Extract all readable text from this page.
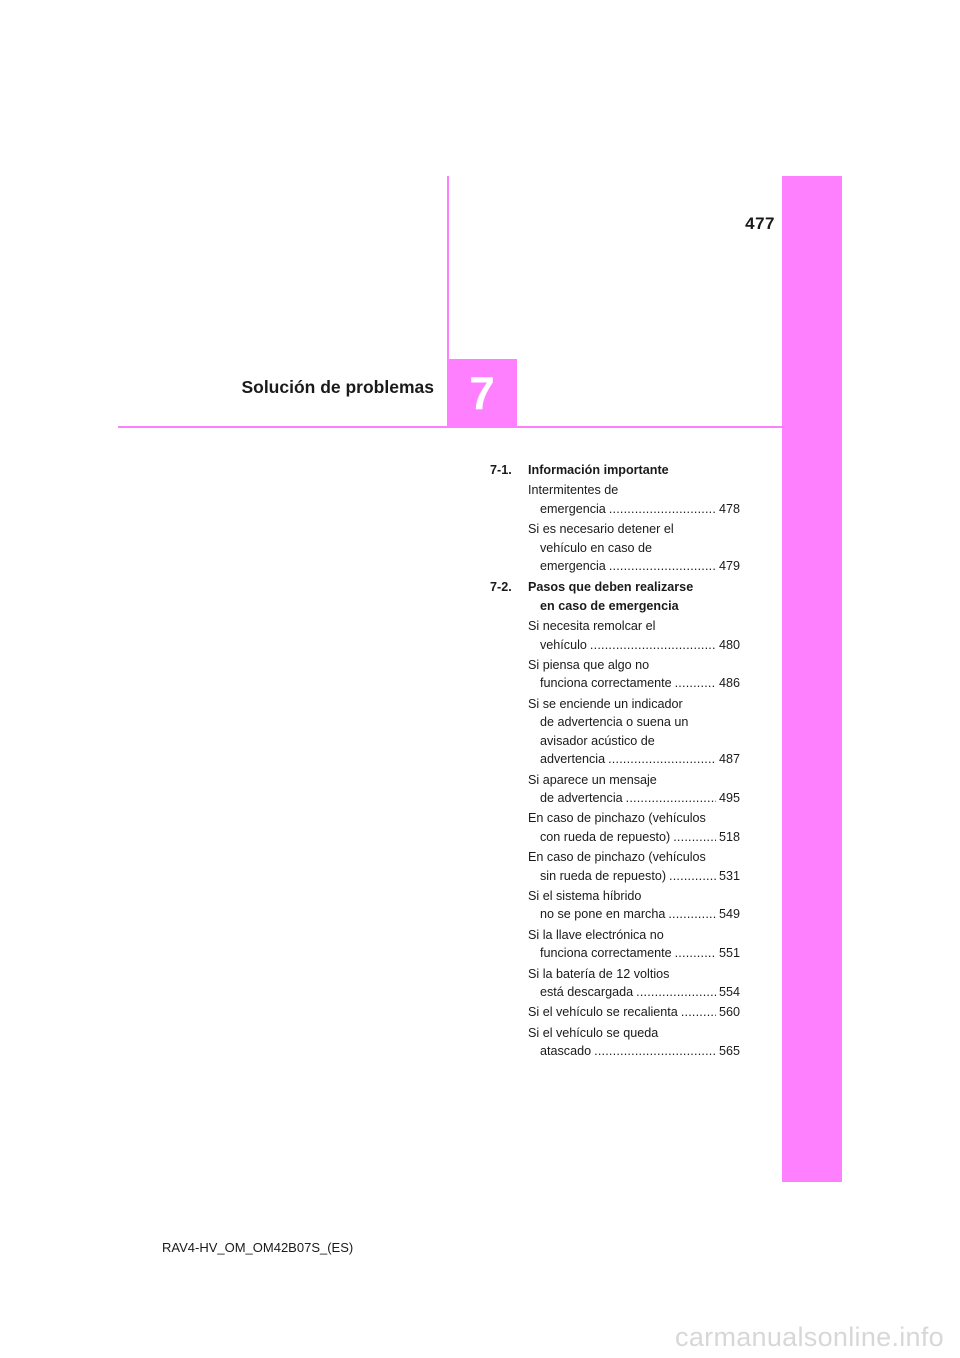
477
7
Solución de problemas
7-1.	Información importante
Intermitentes de
emergencia .....	478
Si es necesario detener el
vehículo en caso de
emergencia .....	479
7-2.	Pasos que deben realizarse
en caso de emergencia
Si necesita remolcar el
vehículo .....	480
Si piensa que algo no
funciona correctamente .....	486
Si se enciende un indicador
de advertencia o suena un
avisador acústico de
advertencia .....	487
Si aparece un mensaje
de advertencia .....	495
En caso de pinchazo (vehículos
con rueda de repuesto) .....	518
En caso de pinchazo (vehículos
sin rueda de repuesto) .....	531
Si el sistema híbrido
no se pone en marcha .....	549
Si la llave electrónica no
funciona correctamente .....	551
Si la batería de 12 voltios
está descargada .....	554
Si el vehículo se recalienta .....	560
Si el vehículo se queda
atascado .....	565
RAV4-HV_OM_OM42B07S_(ES)
carmanualsonline.info
